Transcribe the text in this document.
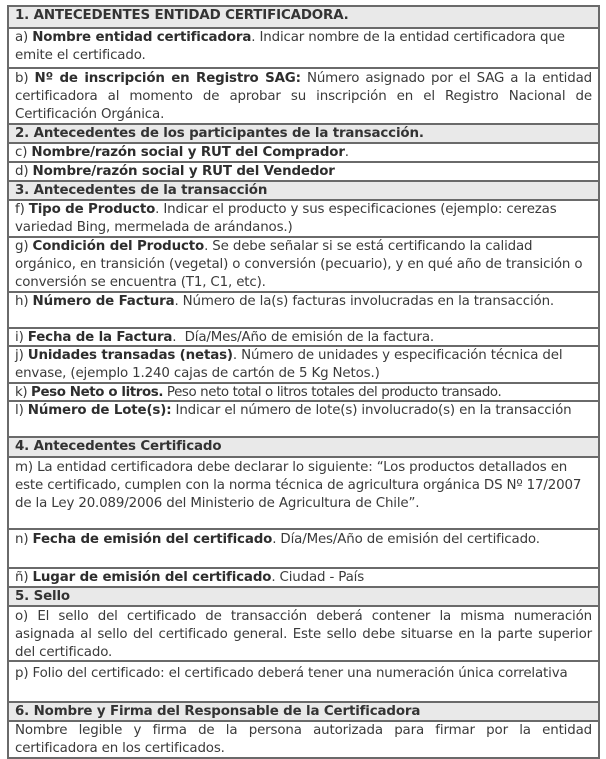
1. ANTECEDENTES ENTIDAD CERTIFICADORA.
a) Nombre entidad certificadora. Indicar nombre de la entidad certificadora que emite el certificado.
b) Nº de inscripción en Registro SAG: Número asignado por el SAG a la entidad certificadora al momento de aprobar su inscripción en el Registro Nacional de Certificación Orgánica.
2. Antecedentes de los participantes de la transacción.
c) Nombre/razón social y RUT del Comprador.
d) Nombre/razón social y RUT del Vendedor
3. Antecedentes de la transacción
f) Tipo de Producto. Indicar el producto y sus especificaciones (ejemplo: cerezas variedad Bing, mermelada de arándanos.)
g) Condición del Producto. Se debe señalar si se está certificando la calidad orgánico, en transición (vegetal) o conversión (pecuario), y en qué año de transición o conversión se encuentra (T1, C1, etc).
h) Número de Factura. Número de la(s) facturas involucradas en la transacción.
i) Fecha de la Factura.  Día/Mes/Año de emisión de la factura.
j) Unidades transadas (netas). Número de unidades y especificación técnica del envase, (ejemplo 1.240 cajas de cartón de 5 Kg Netos.)
k) Peso Neto o litros. Peso neto total o litros totales del producto transado.
l) Número de Lote(s): Indicar el número de lote(s) involucrado(s) en la transacción
4. Antecedentes Certificado
m) La entidad certificadora debe declarar lo siguiente: “Los productos detallados en este certificado, cumplen con la norma técnica de agricultura orgánica DS Nº 17/2007 de la Ley 20.089/2006 del Ministerio de Agricultura de Chile”.
n) Fecha de emisión del certificado. Día/Mes/Año de emisión del certificado.
ñ) Lugar de emisión del certificado. Ciudad - País
5. Sello
o) El sello del certificado de transacción deberá contener la misma numeración asignada al sello del certificado general. Este sello debe situarse en la parte superior del certificado.
p) Folio del certificado: el certificado deberá tener una numeración única correlativa
6. Nombre y Firma del Responsable de la Certificadora
Nombre legible y firma de la persona autorizada para firmar por la entidad certificadora en los certificados.
